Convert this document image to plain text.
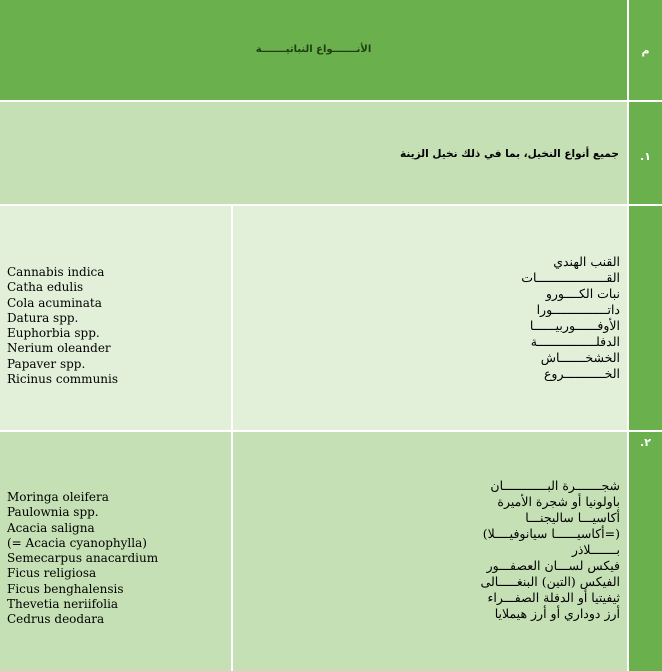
الأنـــــــواع النباتيـــــــة	م
جميع أنواع النخيل، بما في ذلك نخيل الزينة	.١
Cannabis indica
Catha edulis
Cola acuminata
Datura spp.
Euphorbia spp.
Nerium oleander
Papaver spp.
Ricinus communis
القنب الهندي
القـــــــــــــــــــات
نبات الكــــورو
داتـــــــــــــــورا
الأوفــــــوربيــــــا
الدفلــــــــــــــــة
الخشخـــــــاش
الخـــــــــــروع
Moringa oleifera
Paulownia spp.
Acacia saligna
(= Acacia cyanophylla)
Semecarpus anacardium
Ficus religiosa
Ficus benghalensis
Thevetia neriifolia
Cedrus deodara
شجـــــــرة البــــــــــــان
باولونيا أو شجرة الأميرة
أكاسيـــا ساليجنـــا
(=أكاسيــــــا سيانوفيــــلا)
بـــــــلاذر
فيكس لســـان العصفـــور
الفيكس (التين) البنغـــــالى
ثيفيتيا أو الدفلة الصفـــراء
أرز دوداري أو أرز هيملايا
.٢
